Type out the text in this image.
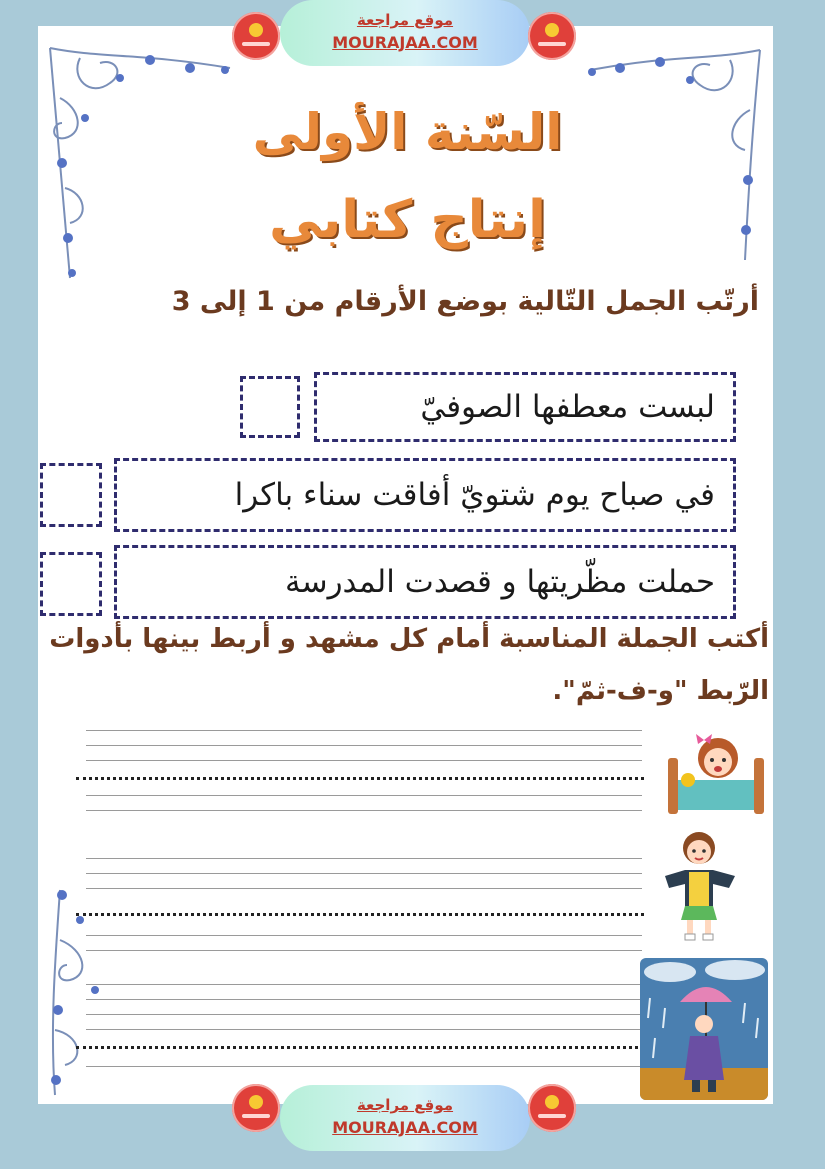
موقع مراجعة
MOURAJAA.COM
السّنة الأولى
إنتاج كتابي
أرتّب الجمل التّالية بوضع الأرقام من 1 إلى 3
لبست معطفها الصوفيّ
في صباح يوم شتويّ أفاقت سناء باكرا
حملت مظّريتها و قصدت المدرسة
أكتب الجملة المناسبة أمام كل مشهد و أربط بينها بأدوات
الرّبط "و-ف-ثمّ".
موقع مراجعة
MOURAJAA.COM
